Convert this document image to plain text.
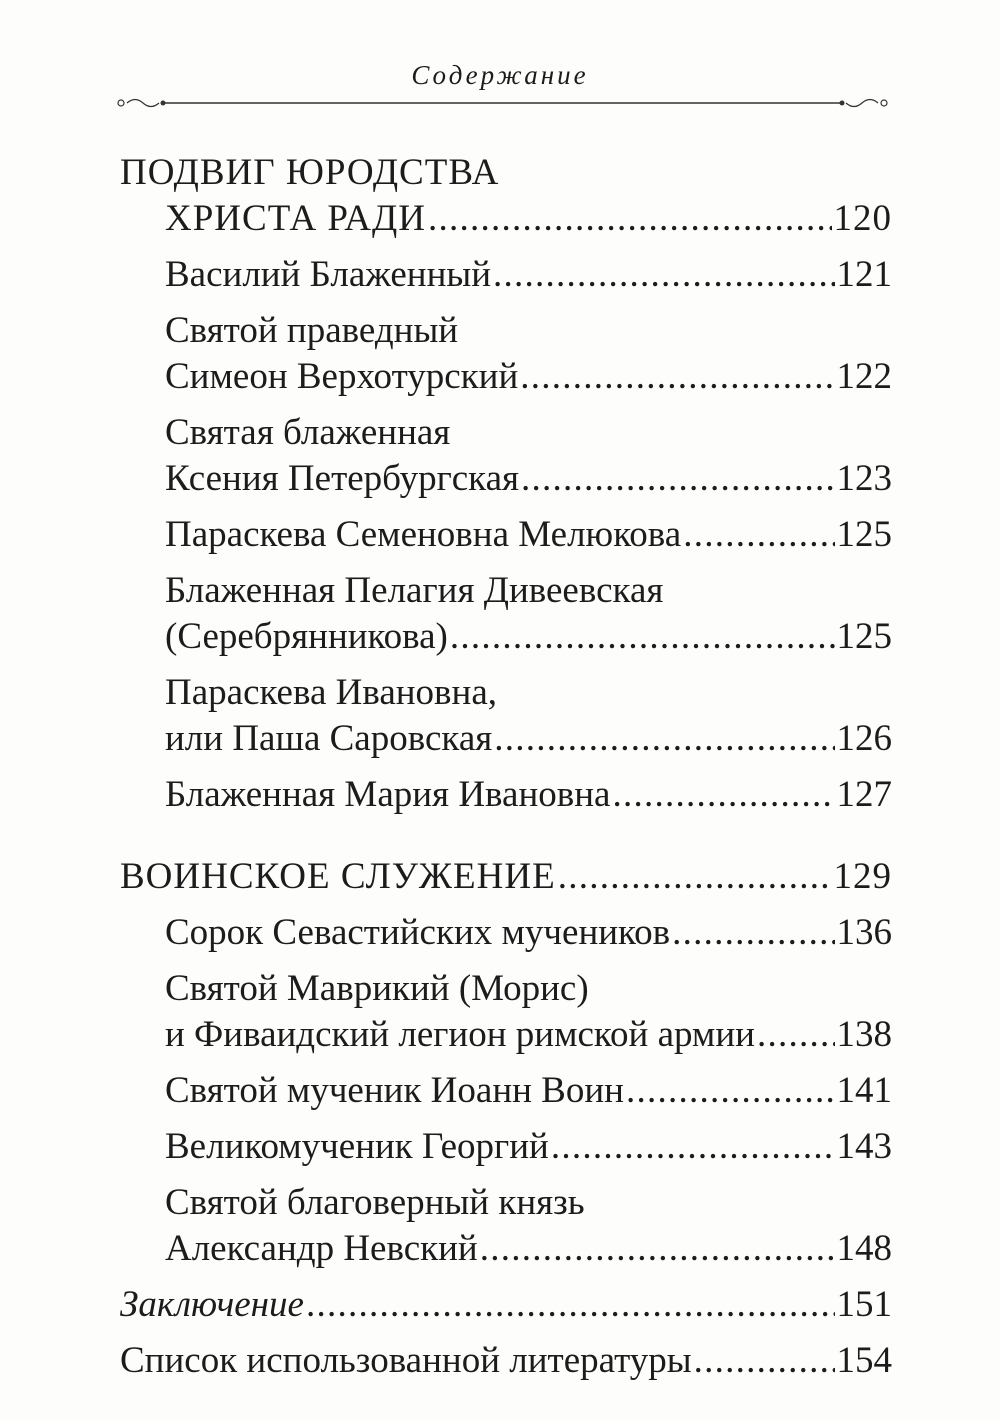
Содержание
ПОДВИГ ЮРОДСТВА
ХРИСТА РАДИ . . .	120
Василий Блаженный . . .	121
Святой праведный
Симеон Верхотурский . . .	122
Святая блаженная
Ксения Петербургская . . .	123
Параскева Семеновна Мелюкова . . .	125
Блаженная Пелагия Дивеевская
(Серебрянникова) . . .	125
Параскева Ивановна,
или Паша Саровская . . .	126
Блаженная Мария Ивановна . . .	127
ВОИНСКОЕ СЛУЖЕНИЕ . . .	129
Сорок Севастийских мучеников . . .	136
Святой Маврикий (Морис)
и Фиваидский легион римской армии . . . 138
Святой мученик Иоанн Воин . . .	141
Великомученик Георгий . . .	143
Святой благоверный князь
Александр Невский . . .	148
Заключение . . .	151
Список использованной литературы . . .	154
